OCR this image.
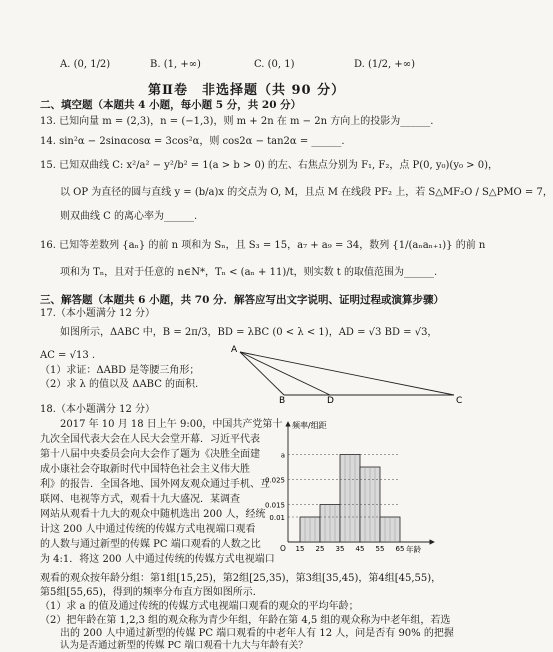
A. (0, 1/2)	B. (1, +∞)	C. (0, 1)	D. (1/2, +∞)
第Ⅱ卷　非选择题（共 90 分）
二、填空题（本题共 4 小题，每小题 5 分，共 20 分）
13. 已知向量 m = (2,3)，n = (−1,3)，则 m + 2n 在 m − 2n 方向上的投影为______.
14. sin²α − 2sinαcosα = 3cos²α，则 cos2α − tan2α = ______.
15. 已知双曲线 C: x²/a² − y²/b² = 1(a > b > 0) 的左、右焦点分别为 F₁, F₂，点 P(0, y₀)(y₀ > 0)，
以 OP 为直径的圆与直线 y = (b/a)x 的交点为 O, M，且点 M 在线段 PF₂ 上，若 S△MF₂O / S△PMO = 7，
则双曲线 C 的离心率为______.
16. 已知等差数列 {aₙ} 的前 n 项和为 Sₙ，且 S₃ = 15，a₇ + a₉ = 34，数列 {1/(aₙaₙ₊₁)} 的前 n
项和为 Tₙ，且对于任意的 n∈N*，Tₙ < (aₙ + 11)/t，则实数 t 的取值范围为______.
三、解答题（本题共 6 小题，共 70 分．解答应写出文字说明、证明过程或演算步骤）
17.（本小题满分 12 分）
如图所示，ΔABC 中，B = 2π/3，BD = λBC (0 < λ < 1)，AD = √3 BD = √3，
AC = √13 .
（1）求证：ΔABD 是等腰三角形；
（2）求 λ 的值以及 ΔABC 的面积.
A
B	D	C
18.（本小题满分 12 分）
2017 年 10 月 18 日上午 9:00，中国共产党第十
九次全国代表大会在人民大会堂开幕．习近平代表
第十八届中央委员会向大会作了题为《决胜全面建
成小康社会夺取新时代中国特色社会主义伟大胜
利》的报告．全国各地、国外网友观众通过手机、互
联网、电视等方式，观看十九大盛况．某调查
网站从观看十九大的观众中随机选出 200 人，经统
计这 200 人中通过传统的传媒方式电视端口观看
的人数与通过新型的传媒 PC 端口观看的人数之比
为 4:1．将这 200 人中通过传统的传媒方式电视端口
频率/组距
年龄
O
a
0.025
0.015
0.01
15 25 35 45 55 65
观看的观众按年龄分组：第1组[15,25)，第2组[25,35)，第3组[35,45)，第4组[45,55)，
第5组[55,65)，得到的频率分布直方图如图所示．
（1）求 a 的值及通过传统的传媒方式电视端口观看的观众的平均年龄；
（2）把年龄在第 1,2,3 组的观众称为青少年组，年龄在第 4,5 组的观众称为中老年组，若选
出的 200 人中通过新型的传媒 PC 端口观看的中老年人有 12 人，问是否有 90% 的把握
认为是否通过新型的传媒 PC 端口观看十九大与年龄有关？
